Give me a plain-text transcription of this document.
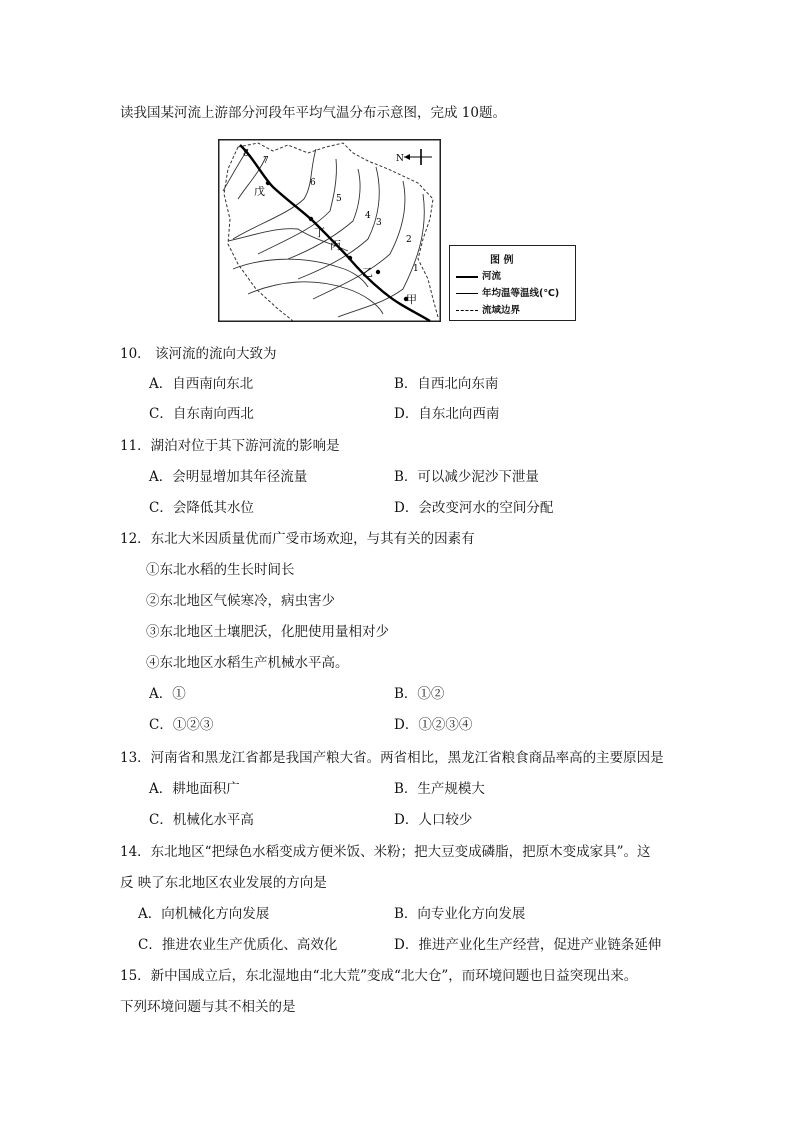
读我国某河流上游部分河段年平均气温分布示意图，完成 10题。
8
7
6
5
4
3
2
1
戊
丁
丙
乙
甲
N
图 例
河流
年均温等温线(℃)
流域边界
10． 该河流的流向大致为
A．自西南向东北	B．自西北向东南
C．自东南向西北	D．自东北向西南
11．湖泊对位于其下游河流的影响是
A．会明显增加其年径流量	B．可以减少泥沙下泄量
C．会降低其水位	D．会改变河水的空间分配
12．东北大米因质量优而广受市场欢迎，与其有关的因素有
①东北水稻的生长时间长
②东北地区气候寒冷，病虫害少
③东北地区土壤肥沃，化肥使用量相对少
④东北地区水稻生产机械水平高。
A．①	B．①②
C．①②③	D．①②③④
13．河南省和黑龙江省都是我国产粮大省。两省相比，黑龙江省粮食商品率高的主要原因是
A．耕地面积广	B．生产规模大
C．机械化水平高	D．人口较少
14．东北地区“把绿色水稻变成方便米饭、米粉；把大豆变成磷脂，把原木变成家具”。这
反 映了东北地区农业发展的方向是
A．向机械化方向发展	B．向专业化方向发展
C．推进农业生产优质化、高效化	D．推进产业化生产经营，促进产业链条延伸
15．新中国成立后，东北湿地由“北大荒”变成“北大仓”，而环境问题也日益突现出来。
下列环境问题与其不相关的是
